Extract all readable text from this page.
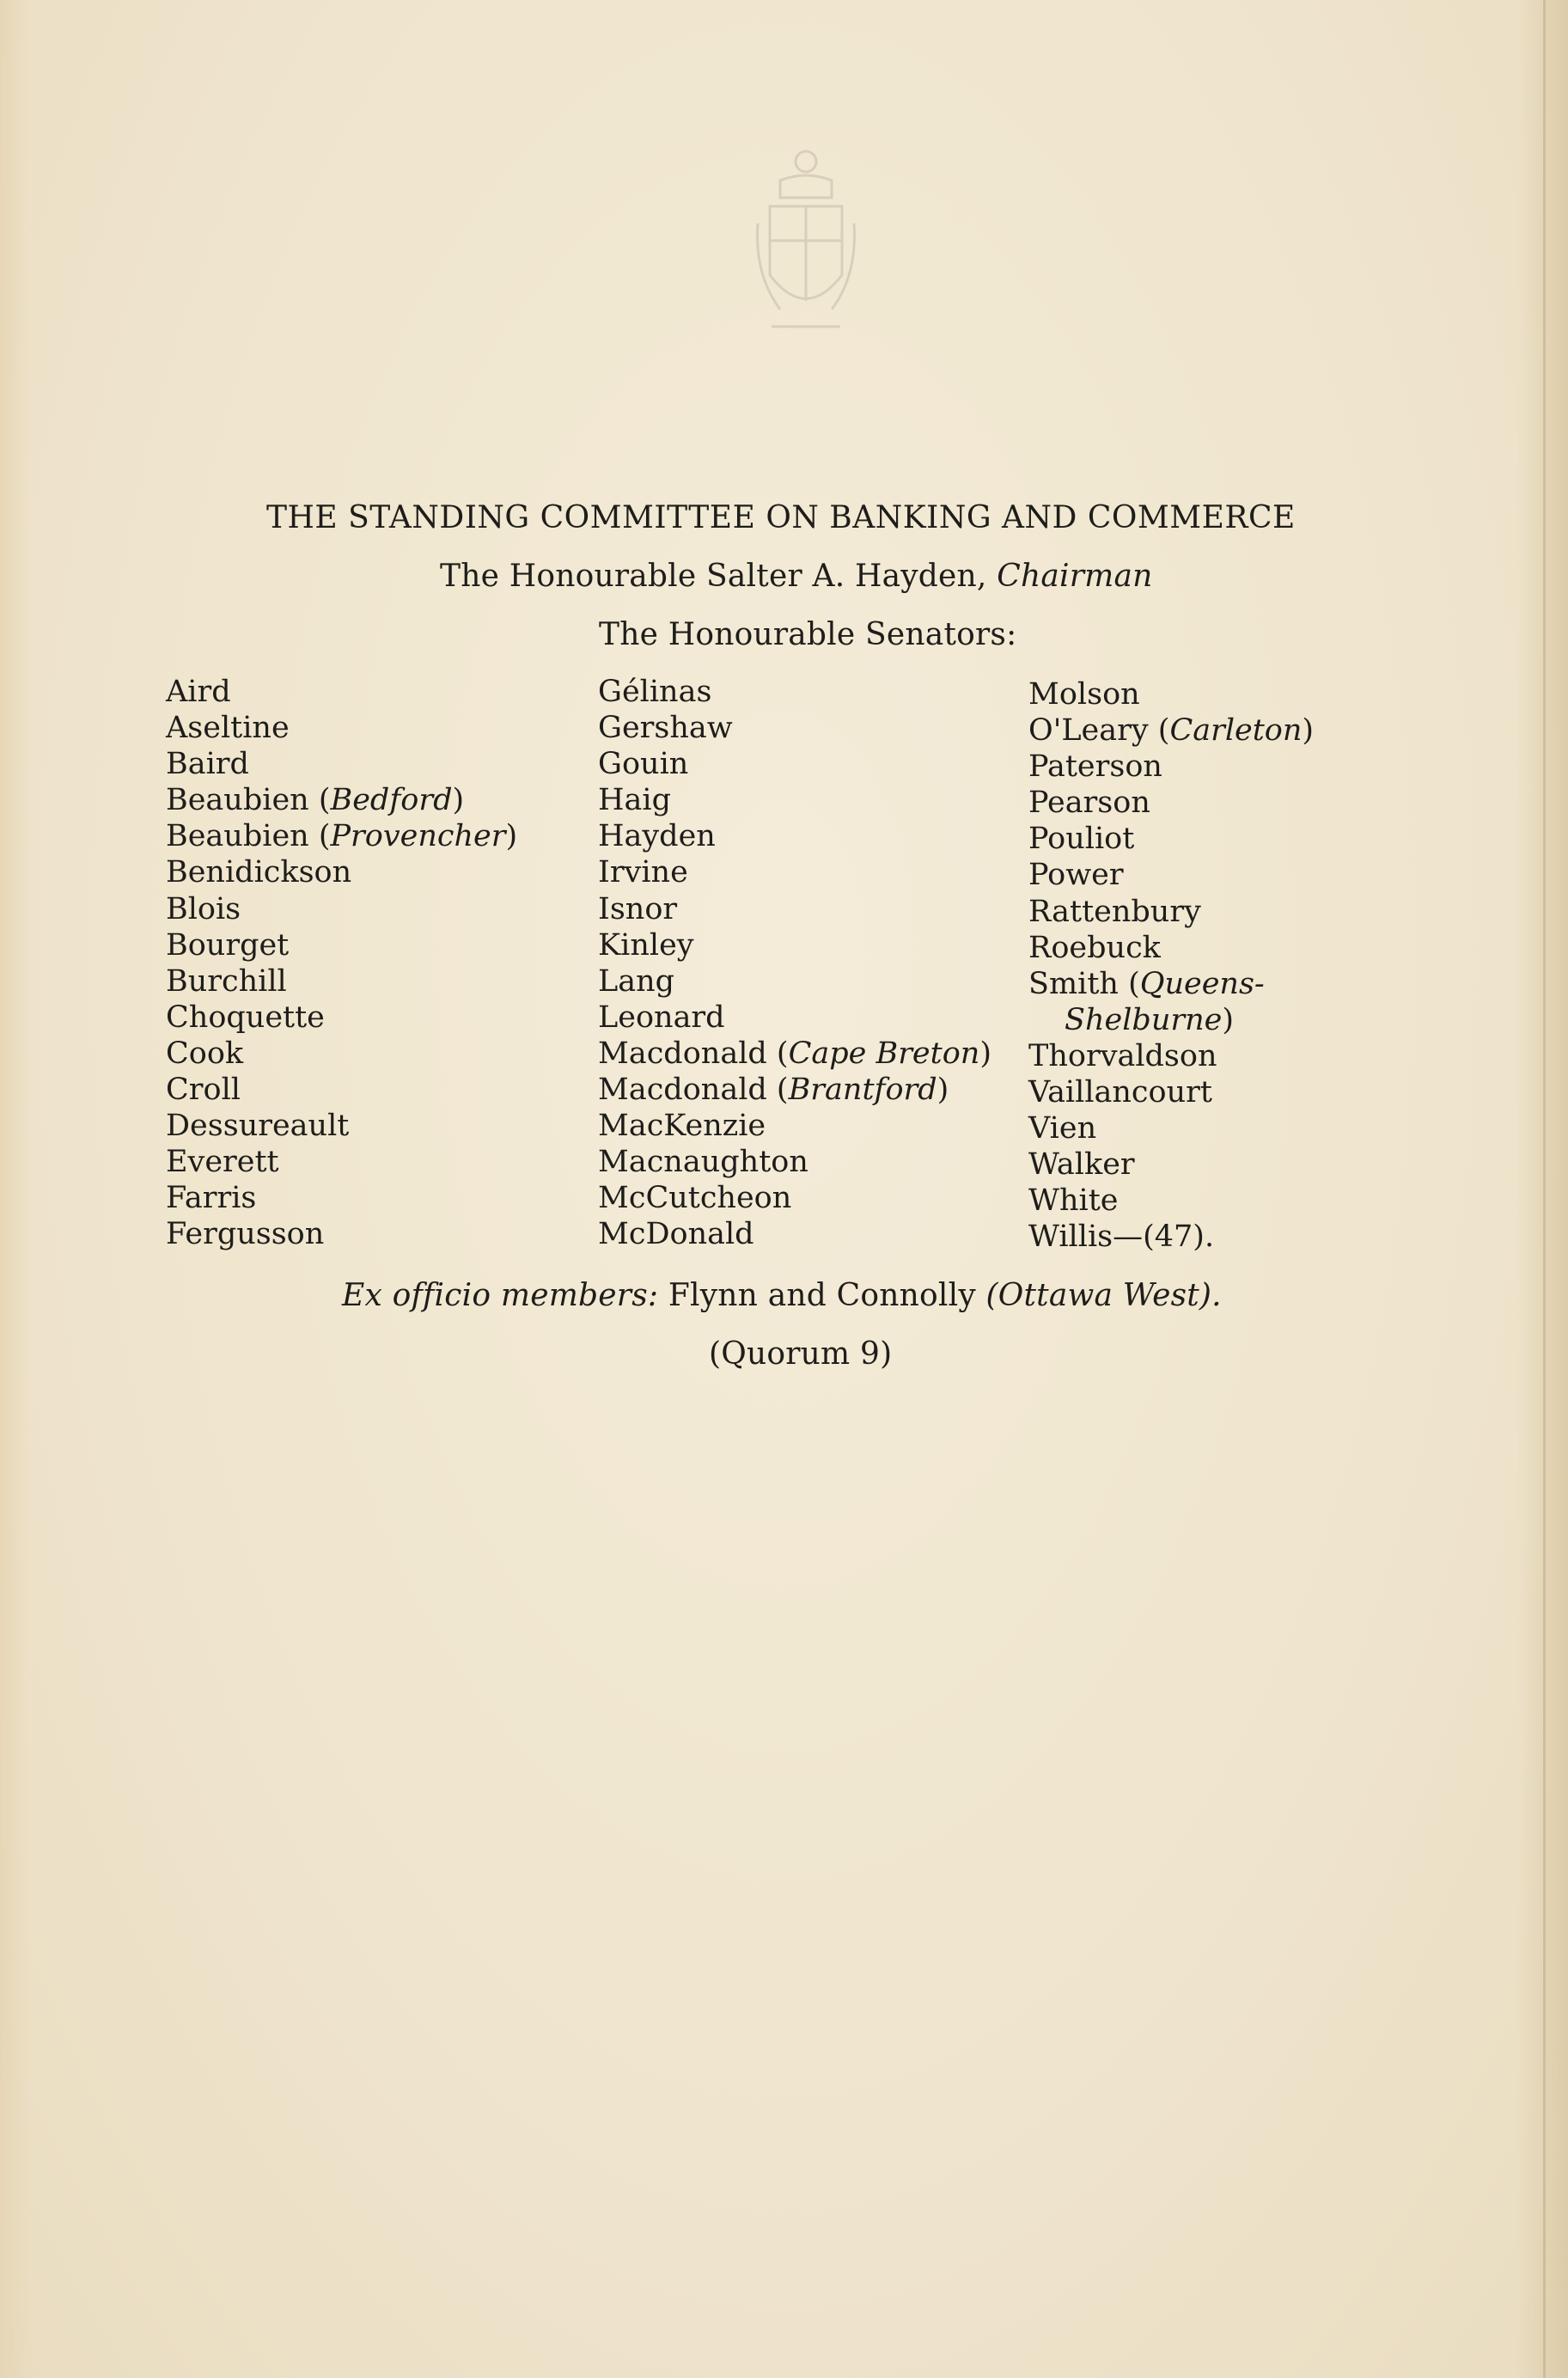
THE STANDING COMMITTEE ON BANKING AND COMMERCE
The Honourable Salter A. Hayden, Chairman
The Honourable Senators:
Aird
Aseltine
Baird
Beaubien (Bedford)
Beaubien (Provencher)
Benidickson
Blois
Bourget
Burchill
Choquette
Cook
Croll
Dessureault
Everett
Farris
Fergusson
Gélinas
Gershaw
Gouin
Haig
Hayden
Irvine
Isnor
Kinley
Lang
Leonard
Macdonald (Cape Breton)
Macdonald (Brantford)
MacKenzie
Macnaughton
McCutcheon
McDonald
Molson
O'Leary (Carleton)
Paterson
Pearson
Pouliot
Power
Rattenbury
Roebuck
Smith (Queens-
Shelburne)
Thorvaldson
Vaillancourt
Vien
Walker
White
Willis—(47).
Ex officio members: Flynn and Connolly (Ottawa West).
(Quorum 9)
